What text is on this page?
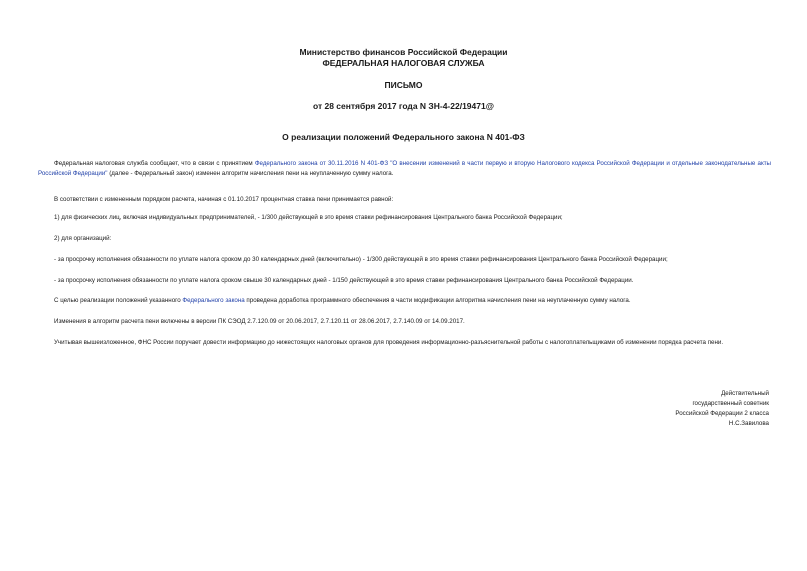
Министерство финансов Российской Федерации
ФЕДЕРАЛЬНАЯ НАЛОГОВАЯ СЛУЖБА
ПИСЬМО
от 28 сентября 2017 года N ЗН-4-22/19471@
О реализации положений Федерального закона N 401-ФЗ
Федеральная налоговая служба сообщает, что в связи с принятием Федерального закона от 30.11.2016 N 401-ФЗ "О внесении изменений в части первую и вторую Налогового кодекса Российской Федерации и отдельные законодательные акты Российской Федерации" (далее - Федеральный закон) изменен алгоритм начисления пени на неуплаченную сумму налога.
В соответствии с измененным порядком расчета, начиная с 01.10.2017 процентная ставка пени принимается равной:
1) для физических лиц, включая индивидуальных предпринимателей, - 1/300 действующей в это время ставки рефинансирования Центрального банка Российской Федерации;
2) для организаций:
- за просрочку исполнения обязанности по уплате налога сроком до 30 календарных дней (включительно) - 1/300 действующей в это время ставки рефинансирования Центрального банка Российской Федерации;
- за просрочку исполнения обязанности по уплате налога сроком свыше 30 календарных дней - 1/150 действующей в это время ставки рефинансирования Центрального банка Российской Федерации.
С целью реализации положений указанного Федерального закона проведена доработка программного обеспечения в части модификации алгоритма начисления пени на неуплаченную сумму налога.
Изменения в алгоритм расчета пени включены в версии ПК СЭОД 2.7.120.09 от 20.06.2017, 2.7.120.11 от 28.06.2017, 2.7.140.09 от 14.09.2017.
Учитывая вышеизложенное, ФНС России поручает довести информацию до нижестоящих налоговых органов для проведения информационно-разъяснительной работы с налогоплательщиками об изменении порядка расчета пени.
Действительный
государственный советник
Российской Федерации 2 класса
Н.С.Завилова
